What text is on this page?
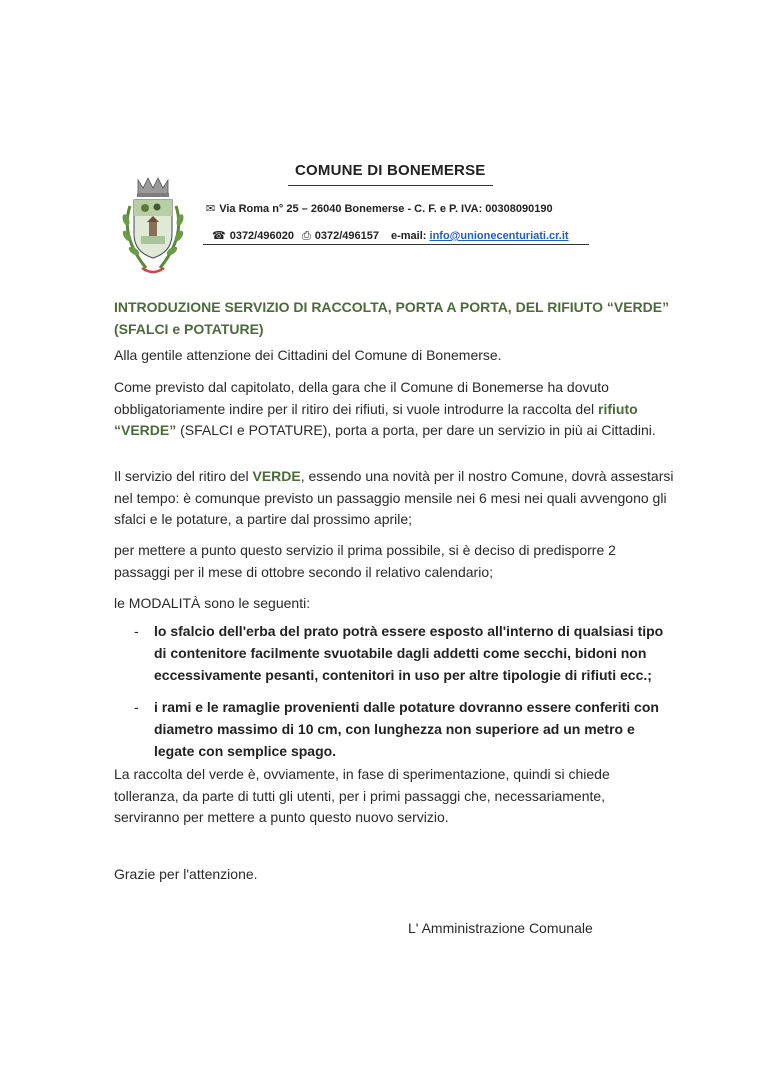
COMUNE DI BONEMERSE
✉ Via Roma n° 25 – 26040 Bonemerse - C. F. e P. IVA: 00308090190
☎ 0372/496020 ⎙ 0372/496157 e-mail: info@unionecenturiati.cr.it
INTRODUZIONE SERVIZIO DI RACCOLTA, PORTA A PORTA, DEL RIFIUTO “VERDE” (SFALCI e POTATURE)
Alla gentile attenzione dei Cittadini del Comune di Bonemerse.
Come previsto dal capitolato, della gara che il Comune di Bonemerse ha dovuto obbligatoriamente indire per il ritiro dei rifiuti, si vuole introdurre la raccolta del rifiuto “VERDE” (SFALCI e POTATURE), porta a porta, per dare un servizio in più ai Cittadini.
Il servizio del ritiro del VERDE, essendo una novità per il nostro Comune, dovrà assestarsi nel tempo: è comunque previsto un passaggio mensile nei 6 mesi nei quali avvengono gli sfalci e le potature, a partire dal prossimo aprile;
per mettere a punto questo servizio il prima possibile, si è deciso di predisporre 2 passaggi per il mese di ottobre secondo il relativo calendario;
le MODALITÀ sono le seguenti:
- lo sfalcio dell'erba del prato potrà essere esposto all'interno di qualsiasi tipo di contenitore facilmente svuotabile dagli addetti come secchi, bidoni non eccessivamente pesanti, contenitori in uso per altre tipologie di rifiuti ecc.;
- i rami e le ramaglie provenienti dalle potature dovranno essere conferiti con diametro massimo di 10 cm, con lunghezza non superiore ad un metro e legate con semplice spago.
La raccolta del verde è, ovviamente, in fase di sperimentazione, quindi si chiede tolleranza, da parte di tutti gli utenti, per i primi passaggi che, necessariamente, serviranno per mettere a punto questo nuovo servizio.
Grazie per l'attenzione.
L' Amministrazione Comunale
